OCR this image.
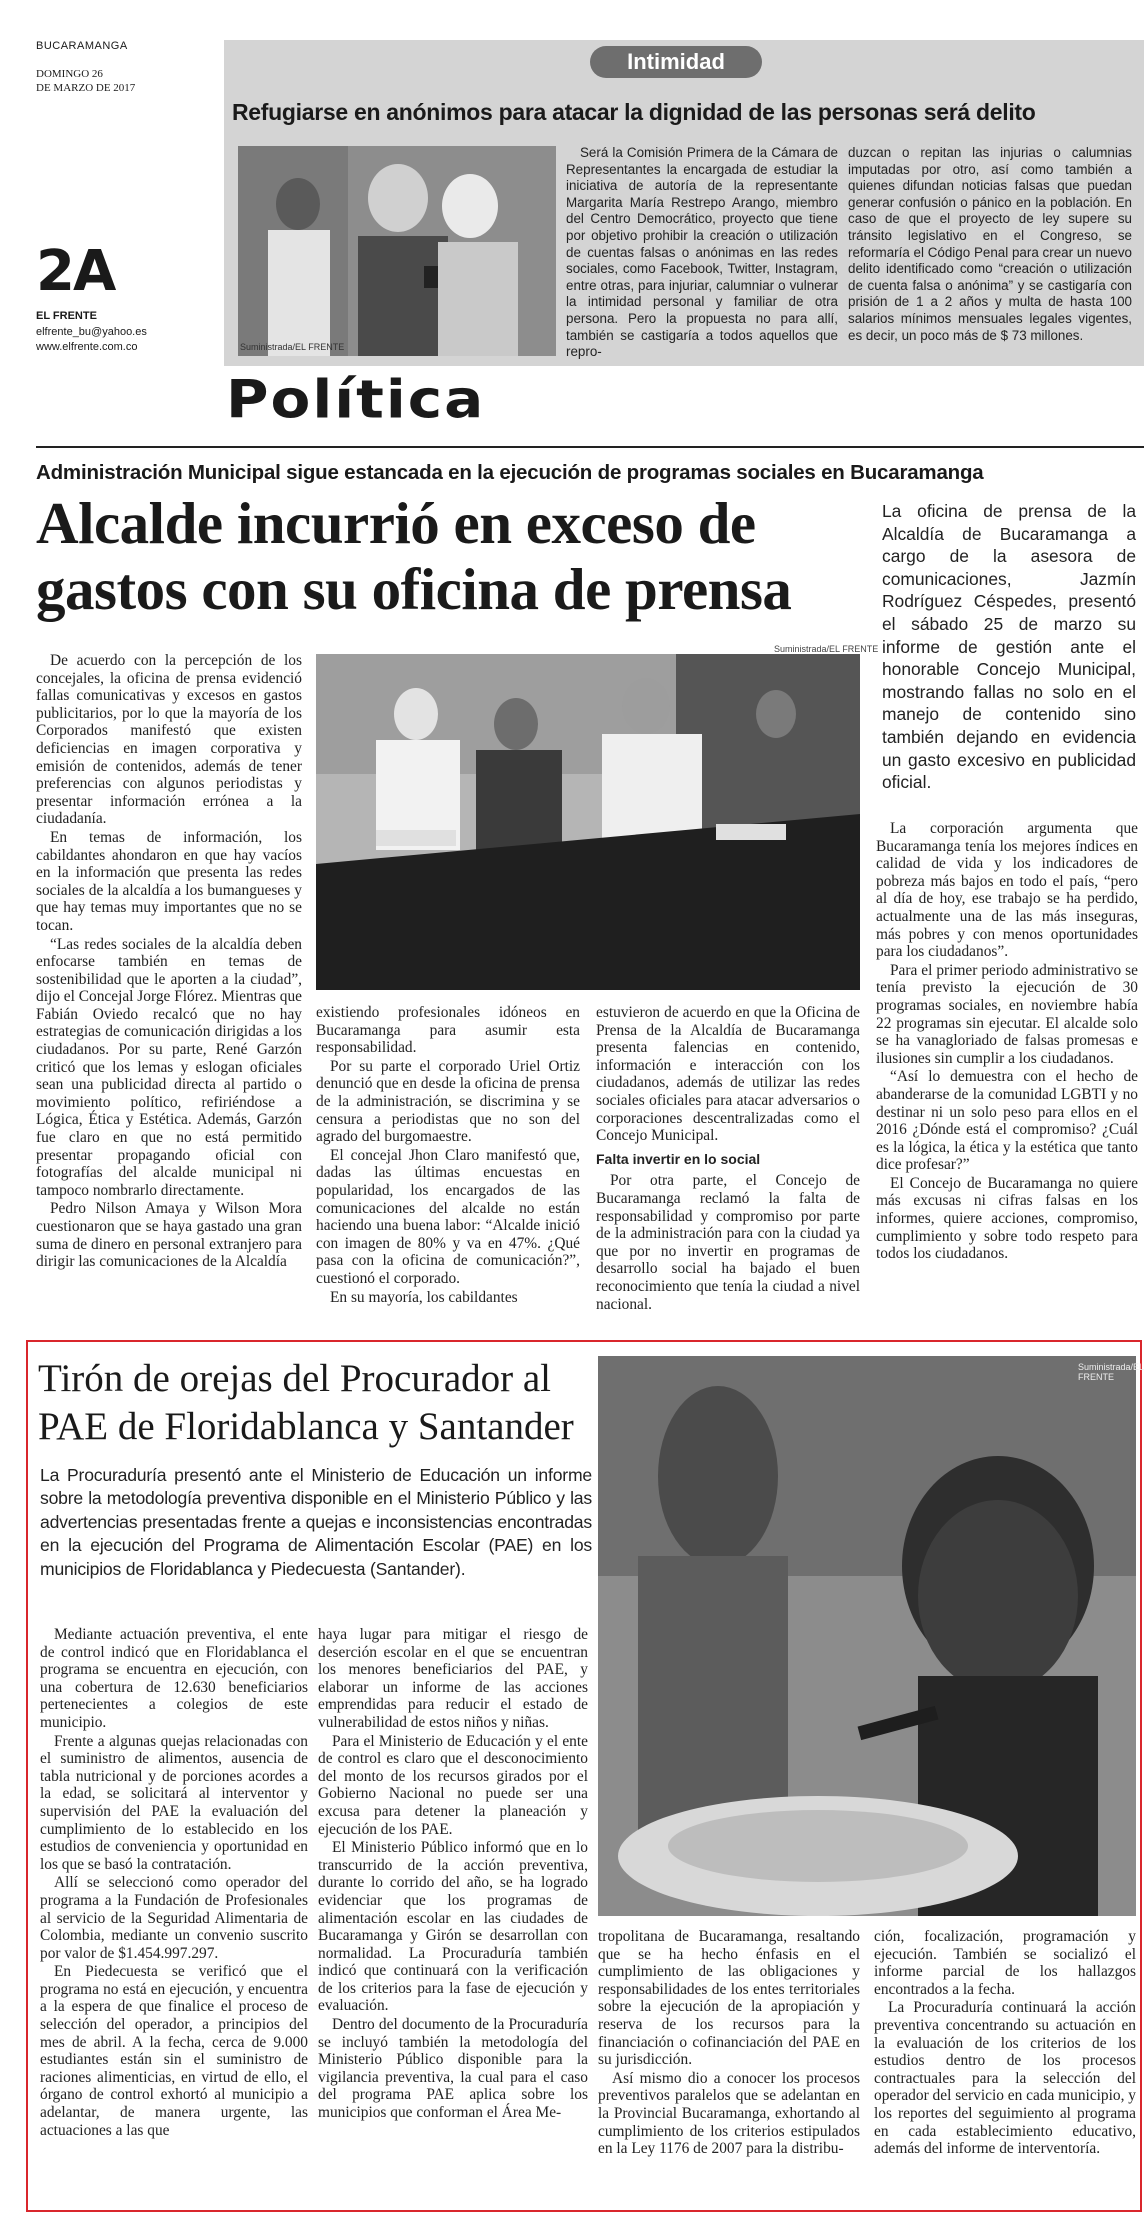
BUCARAMANGA
DOMINGO 26
DE MARZO DE 2017
2A
EL FRENTE
elfrente_bu@yahoo.es
www.elfrente.com.co
Intimidad
Refugiarse en anónimos para atacar la dignidad de las personas será delito
Suministrada/EL FRENTE

Será la Comisión Primera de la Cámara de Representantes la encargada de estudiar la iniciativa de autoría de la representante Margarita María Restrepo Arango, miembro del Centro Democrático, proyecto que tiene por objetivo prohibir la creación o utilización de cuentas falsas o anónimas en las redes sociales, como Facebook, Twitter, Instagram, entre otras, para injuriar, calumniar o vulnerar la intimidad personal y familiar de otra persona. Pero la propuesta no para allí, también se castigaría a todos aquellos que repro-

duzcan o repitan las injurias o calumnias imputadas por otro, así como también a quienes difundan noticias falsas que puedan generar confusión o pánico en la población. En caso de que el proyecto de ley supere su tránsito legislativo en el Congreso, se reformaría el Código Penal para crear un nuevo delito identificado como “creación o utilización de cuenta falsa o anónima” y se castigaría con prisión de 1 a 2 años y multa de hasta 100 salarios mínimos mensuales legales vigentes, es decir, un poco más de $ 73 millones.

Política
Administración Municipal sigue estancada en la ejecución de programas sociales en Bucaramanga
Alcalde incurrió en exceso de
gastos con su oficina de prensa
La oficina de prensa de la Alcaldía de Bucaramanga a cargo de la asesora de comunicaciones, Jazmín Rodríguez Céspedes, presentó el sábado 25 de marzo su informe de gestión ante el honorable Concejo Municipal, mostrando fallas no solo en el manejo de contenido sino también dejando en evidencia un gasto excesivo en publicidad oficial.
Suministrada/EL FRENTE

De acuerdo con la percepción de los concejales, la oficina de prensa evidenció fallas comunicativas y excesos en gastos publicitarios, por lo que la mayoría de los Corporados manifestó que existen deficiencias en imagen corporativa y emisión de contenidos, además de tener preferencias con algunos periodistas y presentar información errónea a la ciudadanía.

En temas de información, los cabildantes ahondaron en que hay vacíos en la información que presenta las redes sociales de la alcaldía a los bumangueses y que hay temas muy importantes que no se tocan.

“Las redes sociales de la alcaldía deben enfocarse también en temas de sostenibilidad que le aporten a la ciudad”, dijo el Concejal Jorge Flórez. Mientras que Fabián Oviedo recalcó que no hay estrategias de comunicación dirigidas a los ciudadanos. Por su parte, René Garzón criticó que los lemas y eslogan oficiales sean una publicidad directa al partido o movimiento político, refiriéndose a Lógica, Ética y Estética. Además, Garzón fue claro en que no está permitido presentar propagando oficial con fotografías del alcalde municipal ni tampoco nombrarlo directamente.

Pedro Nilson Amaya y Wilson Mora cuestionaron que se haya gastado una gran suma de dinero en personal extranjero para dirigir las comunicaciones de la Alcaldía

existiendo profesionales idóneos en Bucaramanga para asumir esta responsabilidad.

Por su parte el corporado Uriel Ortiz denunció que en desde la oficina de prensa de la administración, se discrimina y se censura a periodistas que no son del agrado del burgomaestre.

El concejal Jhon Claro manifestó que, dadas las últimas encuestas en popularidad, los encargados de las comunicaciones del alcalde no están haciendo una buena labor: “Alcalde inició con imagen de 80% y va en 47%. ¿Qué pasa con la oficina de comunicación?”, cuestionó el corporado.

En su mayoría, los cabildantes

estuvieron de acuerdo en que la Oficina de Prensa de la Alcaldía de Bucaramanga presenta falencias en contenido, información e interacción con los ciudadanos, además de utilizar las redes sociales oficiales para atacar adversarios o corporaciones descentralizadas como el Concejo Municipal.

Falta invertir en lo social

Por otra parte, el Concejo de Bucaramanga reclamó la falta de responsabilidad y compromiso por parte de la administración para con la ciudad ya que por no invertir en programas de desarrollo social ha bajado el buen reconocimiento que tenía la ciudad a nivel nacional.

La corporación argumenta que Bucaramanga tenía los mejores índices en calidad de vida y los indicadores de pobreza más bajos en todo el país, “pero al día de hoy, ese trabajo se ha perdido, actualmente una de las más inseguras, más pobres y con menos oportunidades para los ciudadanos”.

Para el primer periodo administrativo se tenía previsto la ejecución de 30 programas sociales, en noviembre había 22 programas sin ejecutar. El alcalde solo se ha vanagloriado de falsas promesas e ilusiones sin cumplir a los ciudadanos.

“Así lo demuestra con el hecho de abanderarse de la comunidad LGBTI y no destinar ni un solo peso para ellos en el 2016 ¿Dónde está el compromiso? ¿Cuál es la lógica, la ética y la estética que tanto dice profesar?”

El Concejo de Bucaramanga no quiere más excusas ni cifras falsas en los informes, quiere acciones, compromiso, cumplimiento y sobre todo respeto para todos los ciudadanos.

Tirón de orejas del Procurador al
PAE de Floridablanca y Santander
La Procuraduría presentó ante el Ministerio de Educación un informe sobre la metodología preventiva disponible en el Ministerio Público y las advertencias presentadas frente a quejas e inconsistencias encontradas en la ejecución del Programa de Alimentación Escolar (PAE) en los municipios de Floridablanca y Piedecuesta (Santander).
Suministrada/EL FRENTE

Mediante actuación preventiva, el ente de control indicó que en Floridablanca el programa se encuentra en ejecución, con una cobertura de 12.630 beneficiarios pertenecientes a colegios de este municipio.

Frente a algunas quejas relacionadas con el suministro de alimentos, ausencia de tabla nutricional y de porciones acordes a la edad, se solicitará al interventor y supervisión del PAE la evaluación del cumplimiento de lo establecido en los estudios de conveniencia y oportunidad en los que se basó la contratación.

Allí se seleccionó como operador del programa a la Fundación de Profesionales al servicio de la Seguridad Alimentaria de Colombia, mediante un convenio suscrito por valor de $1.454.997.297.

En Piedecuesta se verificó que el programa no está en ejecución, y encuentra a la espera de que finalice el proceso de selección del operador, a principios del mes de abril. A la fecha, cerca de 9.000 estudiantes están sin el suministro de raciones alimenticias, en virtud de ello, el órgano de control exhortó al municipio a adelantar, de manera urgente, las actuaciones a las que

haya lugar para mitigar el riesgo de deserción escolar en el que se encuentran los menores beneficiarios del PAE, y elaborar un informe de las acciones emprendidas para reducir el estado de vulnerabilidad de estos niños y niñas.

Para el Ministerio de Educación y el ente de control es claro que el desconocimiento del monto de los recursos girados por el Gobierno Nacional no puede ser una excusa para detener la planeación y ejecución de los PAE.

El Ministerio Público informó que en lo transcurrido de la acción preventiva, durante lo corrido del año, se ha logrado evidenciar que los programas de alimentación escolar en las ciudades de Bucaramanga y Girón se desarrollan con normalidad. La Procuraduría también indicó que continuará con la verificación de los criterios para la fase de ejecución y evaluación.

Dentro del documento de la Procuraduría se incluyó también la metodología del Ministerio Público disponible para la vigilancia preventiva, la cual para el caso del programa PAE aplica sobre los municipios que conforman el Área Me-

tropolitana de Bucaramanga, resaltando que se ha hecho énfasis en el cumplimiento de las obligaciones y responsabilidades de los entes territoriales sobre la ejecución de la apropiación y reserva de los recursos para la financiación o cofinanciación del PAE en su jurisdicción.

Así mismo dio a conocer los procesos preventivos paralelos que se adelantan en la Provincial Bucaramanga, exhortando al cumplimiento de los criterios estipulados en la Ley 1176 de 2007 para la distribu-

ción, focalización, programación y ejecución. También se socializó el informe parcial de los hallazgos encontrados a la fecha.

La Procuraduría continuará la acción preventiva concentrando su actuación en la evaluación de los criterios de los estudios dentro de los procesos contractuales para la selección del operador del servicio en cada municipio, y los reportes del seguimiento al programa en cada establecimiento educativo, además del informe de interventoría.
